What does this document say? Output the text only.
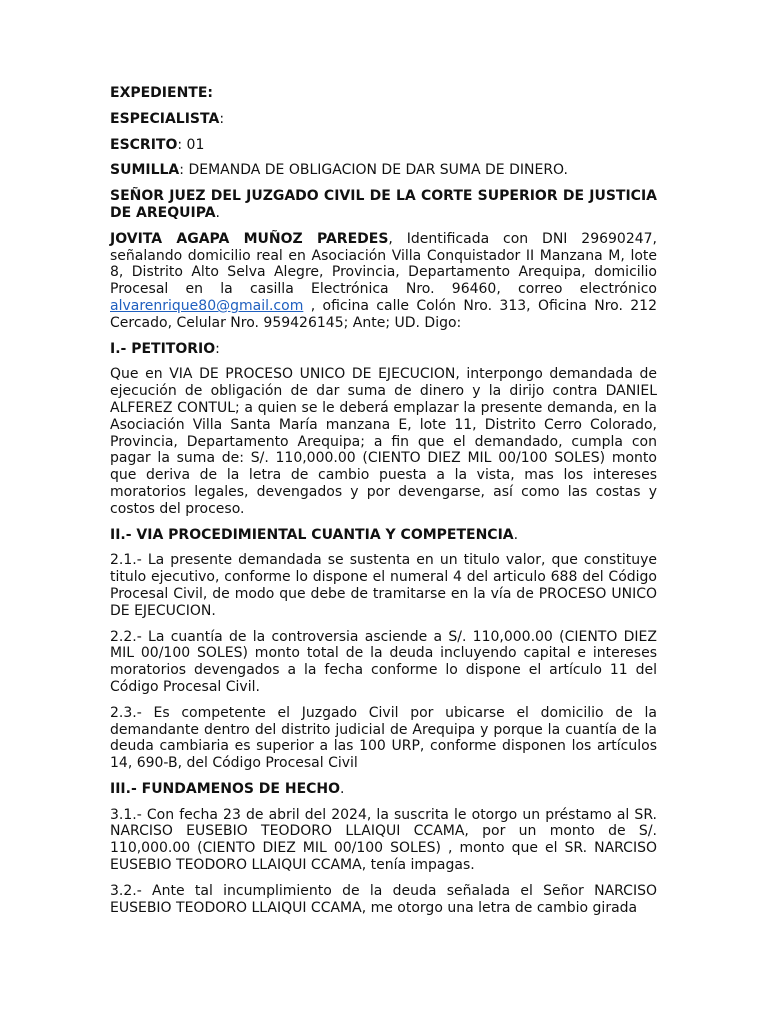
EXPEDIENTE:

ESPECIALISTA:

ESCRITO: 01

SUMILLA: DEMANDA DE OBLIGACION DE DAR SUMA DE DINERO.

SEÑOR JUEZ DEL JUZGADO CIVIL DE LA CORTE SUPERIOR DE JUSTICIA DE AREQUIPA.

JOVITA AGAPA MUÑOZ PAREDES, Identificada con DNI 29690247, señalando domicilio real en Asociación Villa Conquistador II Manzana M, lote 8, Distrito Alto Selva Alegre, Provincia, Departamento Arequipa, domicilio Procesal en la casilla Electrónica Nro. 96460, correo electrónico alvarenrique80@gmail.com , oficina calle Colón Nro. 313, Oficina Nro. 212 Cercado, Celular Nro. 959426145; Ante; UD. Digo:

I.- PETITORIO:

Que en VIA DE PROCESO UNICO DE EJECUCION, interpongo demandada de ejecución de obligación de dar suma de dinero y la dirijo contra DANIEL ALFEREZ CONTUL; a quien se le deberá emplazar la presente demanda, en la Asociación Villa Santa María manzana E, lote 11, Distrito Cerro Colorado, Provincia, Departamento Arequipa; a fin que el demandado, cumpla con pagar la suma de: S/. 110,000.00 (CIENTO DIEZ MIL 00/100 SOLES) monto que deriva de la letra de cambio puesta a la vista, mas los intereses moratorios legales, devengados y por devengarse, así como las costas y costos del proceso.

II.- VIA PROCEDIMIENTAL CUANTIA Y COMPETENCIA.

2.1.- La presente demandada se sustenta en un titulo valor, que constituye titulo ejecutivo, conforme lo dispone el numeral 4 del articulo 688 del Código Procesal Civil, de modo que debe de tramitarse en la vía de PROCESO UNICO DE EJECUCION.

2.2.- La cuantía de la controversia asciende a S/. 110,000.00 (CIENTO DIEZ MIL 00/100 SOLES) monto total de la deuda incluyendo capital e intereses moratorios devengados a la fecha conforme lo dispone el artículo 11 del Código Procesal Civil.

2.3.- Es competente el Juzgado Civil por ubicarse el domicilio de la demandante dentro del distrito judicial de Arequipa y porque la cuantía de la deuda cambiaria es superior a las 100 URP, conforme disponen los artículos 14, 690-B, del Código Procesal Civil

III.- FUNDAMENOS DE HECHO.

3.1.- Con fecha 23 de abril del 2024, la suscrita le otorgo un préstamo al SR. NARCISO EUSEBIO TEODORO LLAIQUI CCAMA, por un monto de S/. 110,000.00 (CIENTO DIEZ MIL 00/100 SOLES) , monto que el SR. NARCISO EUSEBIO TEODORO LLAIQUI CCAMA, tenía impagas.

3.2.- Ante tal incumplimiento de la deuda señalada el Señor NARCISO EUSEBIO TEODORO LLAIQUI CCAMA, me otorgo una letra de cambio girada
